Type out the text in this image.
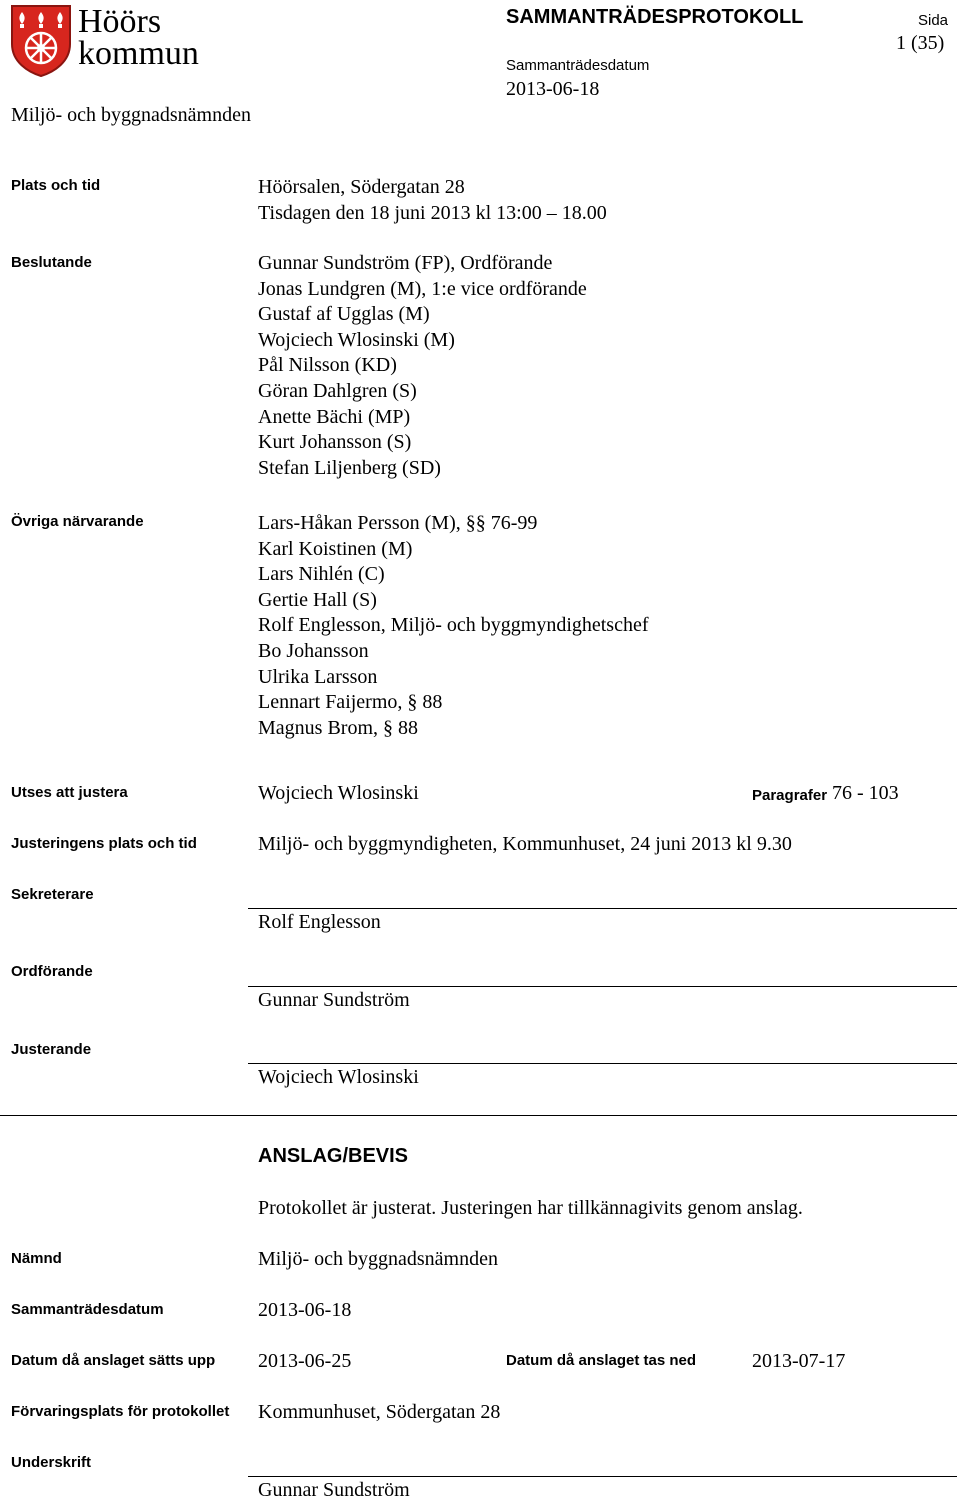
Höörs
kommun
SAMMANTRÄDESPROTOKOLL	Sida
1 (35)
Sammanträdesdatum
2013-06-18
Miljö- och byggnadsnämnden
Plats och tid	Höörsalen, Södergatan 28
Tisdagen den 18 juni 2013 kl 13:00 – 18.00
Beslutande	Gunnar Sundström (FP), Ordförande
Jonas Lundgren (M), 1:e vice ordförande
Gustaf af Ugglas (M)
Wojciech Wlosinski (M)
Pål Nilsson (KD)
Göran Dahlgren (S)
Anette Bächi (MP)
Kurt Johansson (S)
Stefan Liljenberg (SD)
Övriga närvarande	Lars-Håkan Persson (M), §§ 76-99
Karl Koistinen (M)
Lars Nihlén (C)
Gertie Hall (S)
Rolf Englesson, Miljö- och byggmyndighetschef
Bo Johansson
Ulrika Larsson
Lennart Faijermo, § 88
Magnus Brom, § 88
Utses att justera	Wojciech Wlosinski	Paragrafer 76 - 103
Justeringens plats och tid	Miljö- och byggmyndigheten, Kommunhuset, 24 juni 2013 kl 9.30
Sekreterare
Rolf Englesson
Ordförande
Gunnar Sundström
Justerande
Wojciech Wlosinski
ANSLAG/BEVIS
Protokollet är justerat. Justeringen har tillkännagivits genom anslag.
Nämnd	Miljö- och byggnadsnämnden
Sammanträdesdatum	2013-06-18
Datum då anslaget sätts upp 2013-06-25	Datum då anslaget tas ned	2013-07-17
Förvaringsplats för protokollet Kommunhuset, Södergatan 28
Underskrift
Gunnar Sundström
